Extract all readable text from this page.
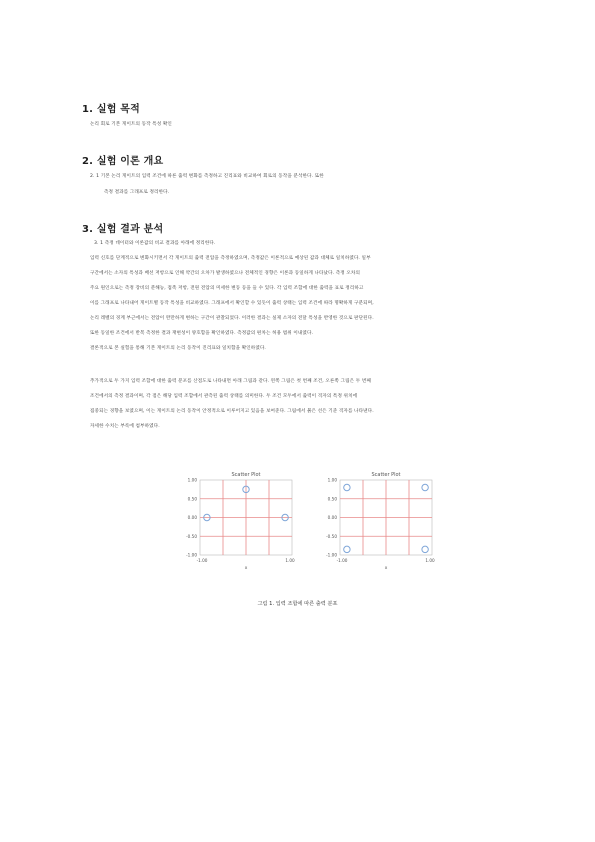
1. 실험 목적
논리 회로 기본 게이트의 동작 특성 확인
2. 실험 이론 개요
2. 1 기본 논리 게이트의 입력 조건에 따른 출력 변화를 측정하고 진리표와 비교하여 회로의 동작을 분석한다. 또한
측정 결과를 그래프로 정리한다.
3. 실험 결과 분석
3. 1 측정 데이터와 이론값의 비교 결과를 아래에 정리한다.
입력 신호를 단계적으로 변화시키면서 각 게이트의 출력 전압을 측정하였으며, 측정값은 이론적으로 예상된 값과 대체로 일치하였다. 일부
구간에서는 소자의 특성과 배선 저항으로 인해 약간의 오차가 발생하였으나 전체적인 경향은 이론과 동일하게 나타났다. 측정 오차의
주요 원인으로는 측정 장비의 분해능, 접촉 저항, 전원 전압의 미세한 변동 등을 들 수 있다. 각 입력 조합에 대한 출력을 표로 정리하고
이를 그래프로 나타내어 게이트별 동작 특성을 비교하였다. 그래프에서 확인할 수 있듯이 출력 상태는 입력 조건에 따라 명확하게 구분되며,
논리 레벨의 경계 부근에서는 전압이 완만하게 변하는 구간이 관찰되었다. 이러한 결과는 실제 소자의 전달 특성을 반영한 것으로 판단된다.
또한 동일한 조건에서 반복 측정한 결과 재현성이 양호함을 확인하였다. 측정값의 편차는 허용 범위 이내였다.
결론적으로 본 실험을 통해 기본 게이트의 논리 동작이 진리표와 일치함을 확인하였다.
추가적으로 두 가지 입력 조합에 대한 출력 분포를 산점도로 나타내면 아래 그림과 같다. 왼쪽 그림은 첫 번째 조건, 오른쪽 그림은 두 번째
조건에서의 측정 결과이며, 각 점은 해당 입력 조합에서 관측된 출력 상태를 의미한다. 두 조건 모두에서 출력이 격자의 특정 위치에
집중되는 경향을 보였으며, 이는 게이트의 논리 동작이 안정적으로 이루어지고 있음을 보여준다. 그림에서 붉은 선은 기준 격자를 나타낸다.
자세한 수치는 부록에 첨부하였다.
Scatter Plot
1.00
0.50
0.00
-0.50
-1.00
-1.00	1.00
x
Scatter Plot
1.00
0.50
0.00
-0.50
-1.00
-1.00	1.00
x
그림 1. 입력 조합에 따른 출력 분포
